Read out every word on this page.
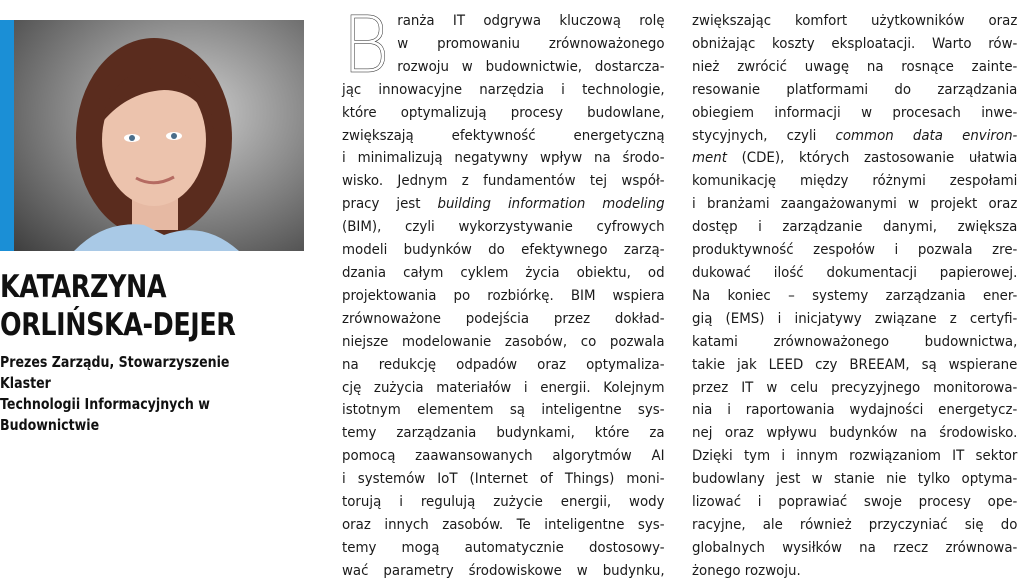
KATARZYNA
ORLIŃSKA-DEJER
Prezes Zarządu, Stowarzyszenie Klaster
Technologii Informacyjnych w Budownictwie
B ranża IT odgrywa kluczową rolę
w promowaniu zrównoważonego
rozwoju w budownictwie, dostarcza-
jąc innowacyjne narzędzia i technologie,
które optymalizują procesy budowlane,
zwiększają efektywność energetyczną
i minimalizują negatywny wpływ na środo-
wisko. Jednym z fundamentów tej współ-
pracy jest building information modeling
(BIM), czyli wykorzystywanie cyfrowych
modeli budynków do efektywnego zarzą-
dzania całym cyklem życia obiektu, od
projektowania po rozbiórkę. BIM wspiera
zrównoważone podejścia przez dokład-
niejsze modelowanie zasobów, co pozwala
na redukcję odpadów oraz optymaliza-
cję zużycia materiałów i energii. Kolejnym
istotnym elementem są inteligentne sys-
temy zarządzania budynkami, które za
pomocą zaawansowanych algorytmów AI
i systemów IoT (Internet of Things) moni-
torują i regulują zużycie energii, wody
oraz innych zasobów. Te inteligentne sys-
temy mogą automatycznie dostosowy-
wać parametry środowiskowe w budynku,
zwiększając komfort użytkowników oraz
obniżając koszty eksploatacji. Warto rów-
nież zwrócić uwagę na rosnące zainte-
resowanie platformami do zarządzania
obiegiem informacji w procesach inwe-
stycyjnych, czyli common data environ-
ment (CDE), których zastosowanie ułatwia
komunikację między różnymi zespołami
i branżami zaangażowanymi w projekt oraz
dostęp i zarządzanie danymi, zwiększa
produktywność zespołów i pozwala zre-
dukować ilość dokumentacji papierowej.
Na koniec – systemy zarządzania ener-
gią (EMS) i inicjatywy związane z certyfi-
katami zrównoważonego budownictwa,
takie jak LEED czy BREEAM, są wspierane
przez IT w celu precyzyjnego monitorowa-
nia i raportowania wydajności energetycz-
nej oraz wpływu budynków na środowisko.
Dzięki tym i innym rozwiązaniom IT sektor
budowlany jest w stanie nie tylko optyma-
lizować i poprawiać swoje procesy ope-
racyjne, ale również przyczyniać się do
globalnych wysiłków na rzecz zrównowa-
żonego rozwoju.
